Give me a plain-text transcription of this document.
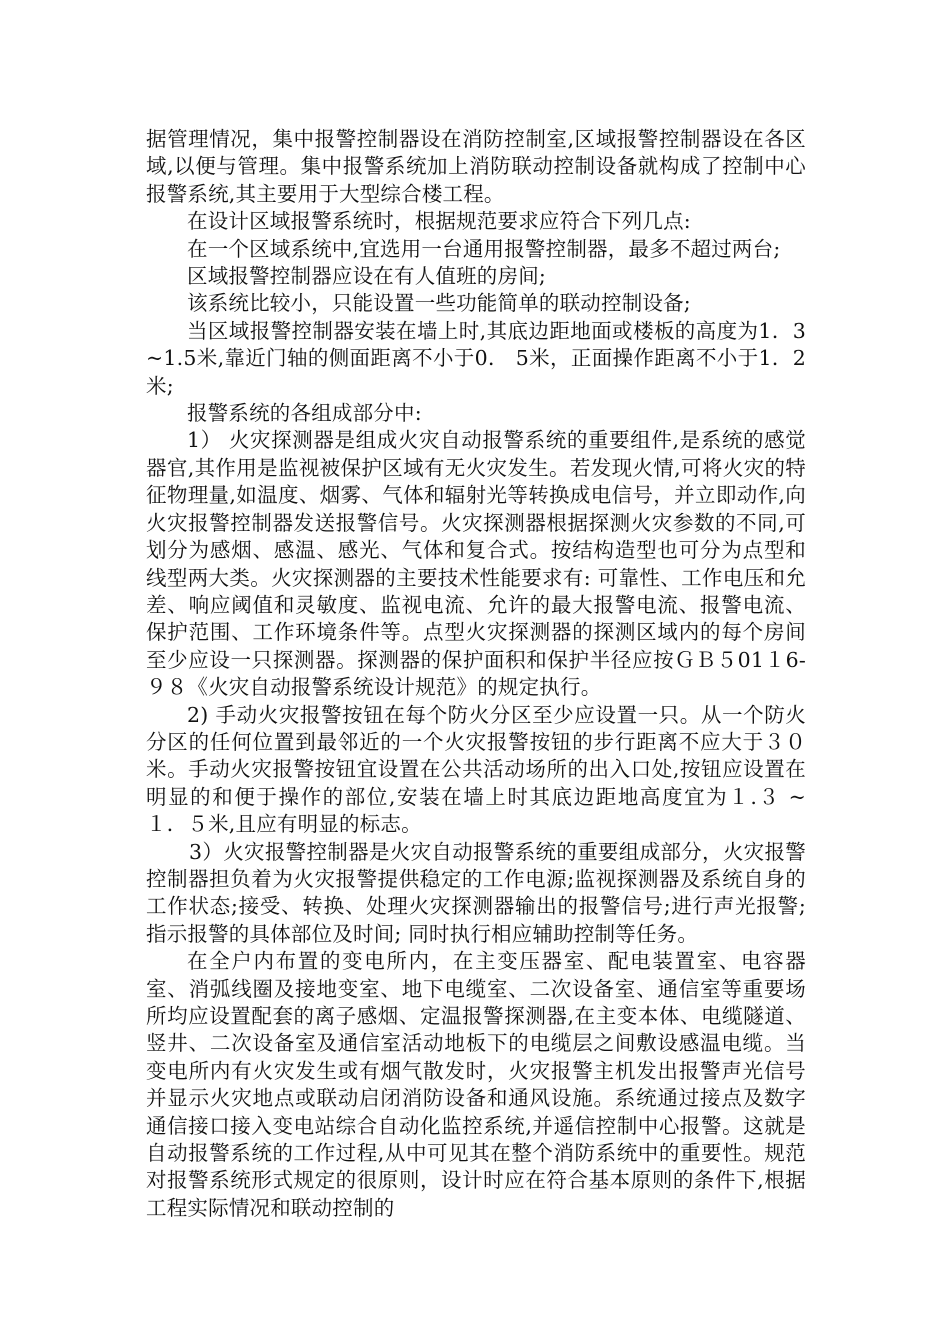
据管理情况，集中报警控制器设在消防控制室,区域报警控制器设在各区域,以便与管理。集中报警系统加上消防联动控制设备就构成了控制中心报警系统,其主要用于大型综合楼工程。

在设计区域报警系统时，根据规范要求应符合下列几点:

在一个区域系统中,宜选用一台通用报警控制器，最多不超过两台;

区域报警控制器应设在有人值班的房间;

该系统比较小，只能设置一些功能简单的联动控制设备;

当区域报警控制器安装在墙上时,其底边距地面或楼板的高度为1．3 ~1.5米,靠近门轴的侧面距离不小于0． 5米，正面操作距离不小于1．2米;

报警系统的各组成部分中:

1） 火灾探测器是组成火灾自动报警系统的重要组件,是系统的感觉器官,其作用是监视被保护区域有无火灾发生。若发现火情,可将火灾的特征物理量,如温度、烟雾、气体和辐射光等转换成电信号，并立即动作,向火灾报警控制器发送报警信号。火灾探测器根据探测火灾参数的不同,可划分为感烟、感温、感光、气体和复合式。按结构造型也可分为点型和线型两大类。火灾探测器的主要技术性能要求有: 可靠性、工作电压和允差、响应阈值和灵敏度、监视电流、允许的最大报警电流、报警电流、保护范围、工作环境条件等。点型火灾探测器的探测区域内的每个房间至少应设一只探测器。探测器的保护面积和保护半径应按ＧＢ５01１6-９８《火灾自动报警系统设计规范》的规定执行。

2) 手动火灾报警按钮在每个防火分区至少应设置一只。从一个防火分区的任何位置到最邻近的一个火灾报警按钮的步行距离不应大于３０米。手动火灾报警按钮宜设置在公共活动场所的出入口处,按钮应设置在明显的和便于操作的部位,安装在墙上时其底边距地高度宜为１.３ ~ １．５米,且应有明显的标志。

3）火灾报警控制器是火灾自动报警系统的重要组成部分，火灾报警控制器担负着为火灾报警提供稳定的工作电源;监视探测器及系统自身的工作状态;接受、转换、处理火灾探测器输出的报警信号;进行声光报警; 指示报警的具体部位及时间; 同时执行相应辅助控制等任务。

在全户内布置的变电所内，在主变压器室、配电装置室、电容器室、消弧线圈及接地变室、地下电缆室、二次设备室、通信室等重要场所均应设置配套的离子感烟、定温报警探测器,在主变本体、电缆隧道、竖井、二次设备室及通信室活动地板下的电缆层之间敷设感温电缆。当变电所内有火灾发生或有烟气散发时，火灾报警主机发出报警声光信号并显示火灾地点或联动启闭消防设备和通风设施。系统通过接点及数字通信接口接入变电站综合自动化监控系统,并遥信控制中心报警。这就是自动报警系统的工作过程,从中可见其在整个消防系统中的重要性。规范对报警系统形式规定的很原则，设计时应在符合基本原则的条件下,根据工程实际情况和联动控制的
